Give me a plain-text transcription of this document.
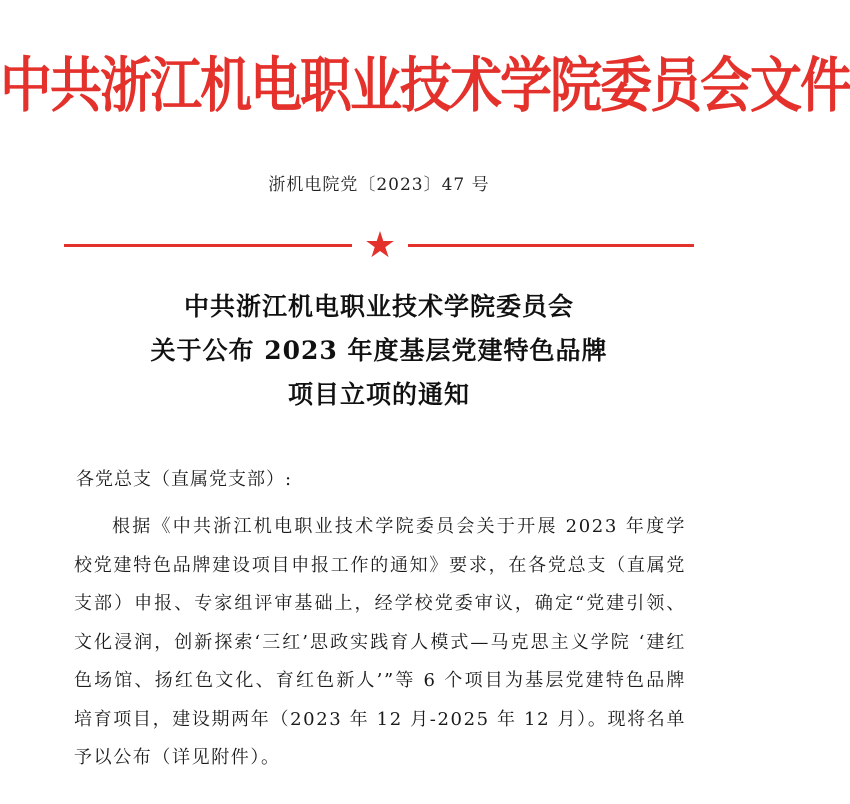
中共浙江机电职业技术学院委员会文件
浙机电院党〔2023〕47 号
★
中共浙江机电职业技术学院委员会
关于公布 2023 年度基层党建特色品牌
项目立项的通知
各党总支（直属党支部）:
根据《中共浙江机电职业技术学院委员会关于开展 2023 年度学校党建特色品牌建设项目申报工作的通知》要求，在各党总支（直属党支部）申报、专家组评审基础上，经学校党委审议，确定“党建引领、文化浸润，创新探索‘三红’思政实践育人模式—马克思主义学院 ‘建红色场馆、扬红色文化、育红色新人’”等 6 个项目为基层党建特色品牌培育项目，建设期两年（2023 年 12 月-2025 年 12 月）。现将名单予以公布（详见附件）。
